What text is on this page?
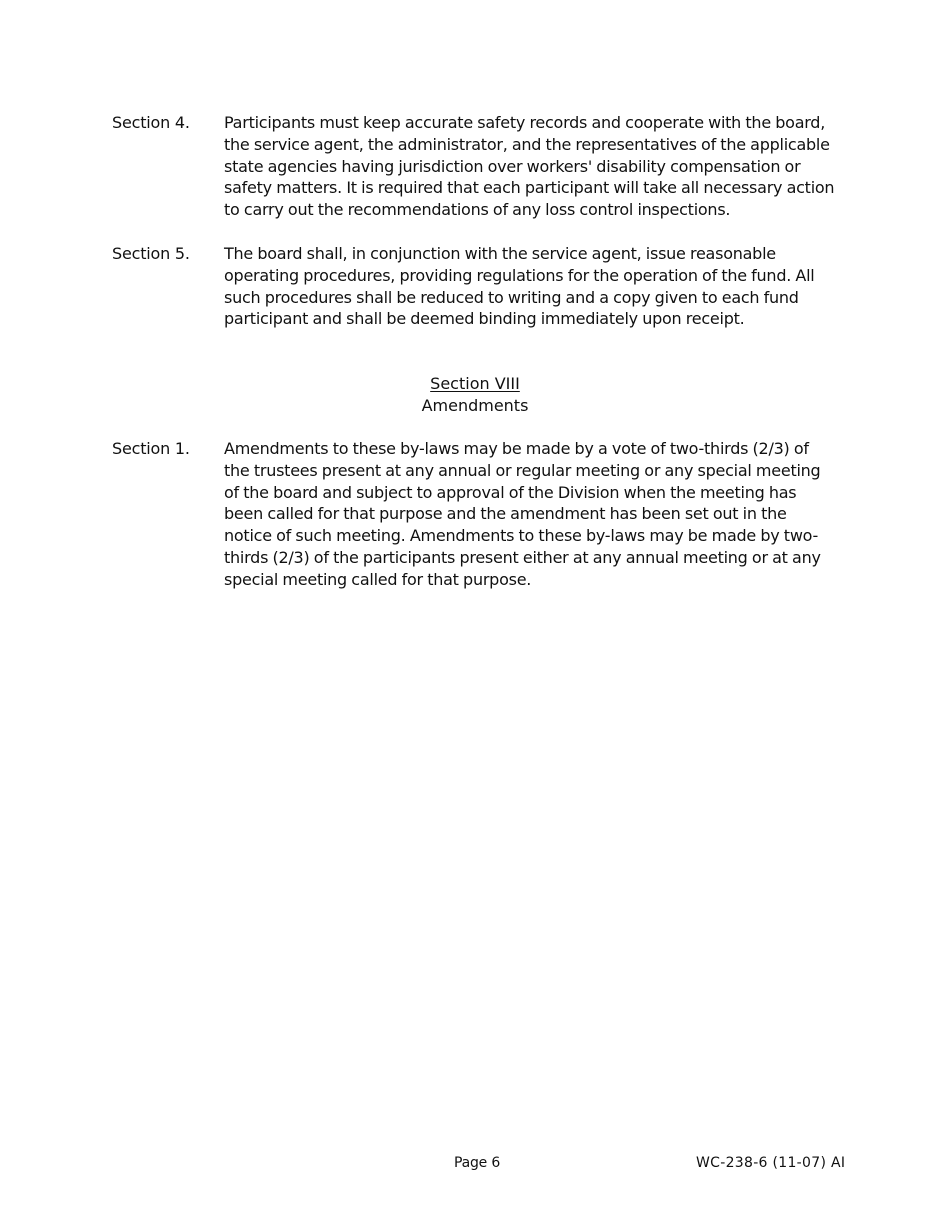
Section 4. Participants must keep accurate safety records and cooperate with the board, the service agent, the administrator, and the representatives of the applicable state agencies having jurisdiction over workers' disability compensation or safety matters. It is required that each participant will take all necessary action to carry out the recommendations of any loss control inspections.
Section 5. The board shall, in conjunction with the service agent, issue reasonable operating procedures, providing regulations for the operation of the fund. All such procedures shall be reduced to writing and a copy given to each fund participant and shall be deemed binding immediately upon receipt.
Section VIII
Amendments
Section 1. Amendments to these by-laws may be made by a vote of two-thirds (2/3) of the trustees present at any annual or regular meeting or any special meeting of the board and subject to approval of the Division when the meeting has been called for that purpose and the amendment has been set out in the notice of such meeting. Amendments to these by-laws may be made by two-thirds (2/3) of the participants present either at any annual meeting or at any special meeting called for that purpose.
Page 6	WC-238-6 (11-07) AI
